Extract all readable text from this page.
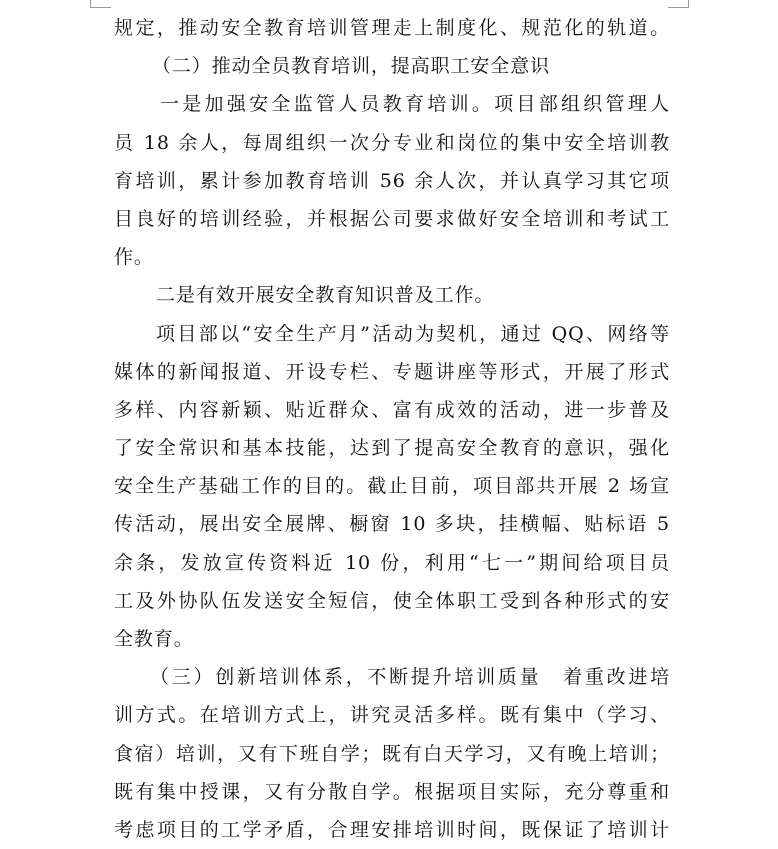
规定，推动安全教育培训管理走上制度化、规范化的轨道。
（二）推动全员教育培训，提高职工安全意识
一是加强安全监管人员教育培训。项目部组织管理人
员 18 余人，每周组织一次分专业和岗位的集中安全培训教
育培训，累计参加教育培训 56 余人次，并认真学习其它项
目良好的培训经验，并根据公司要求做好安全培训和考试工
作。
二是有效开展安全教育知识普及工作。
项目部以“安全生产月”活动为契机，通过 QQ、网络等
媒体的新闻报道、开设专栏、专题讲座等形式，开展了形式
多样、内容新颖、贴近群众、富有成效的活动，进一步普及
了安全常识和基本技能，达到了提高安全教育的意识，强化
安全生产基础工作的目的。截止目前，项目部共开展 2 场宣
传活动，展出安全展牌、橱窗 10 多块，挂横幅、贴标语 5
余条，发放宣传资料近 10 份，利用“七一”期间给项目员
工及外协队伍发送安全短信，使全体职工受到各种形式的安
全教育。
（三）创新培训体系，不断提升培训质量　着重改进培
训方式。在培训方式上，讲究灵活多样。既有集中（学习、
食宿）培训，又有下班自学；既有白天学习，又有晚上培训；
既有集中授课，又有分散自学。根据项目实际，充分尊重和
考虑项目的工学矛盾，合理安排培训时间，既保证了培训计
